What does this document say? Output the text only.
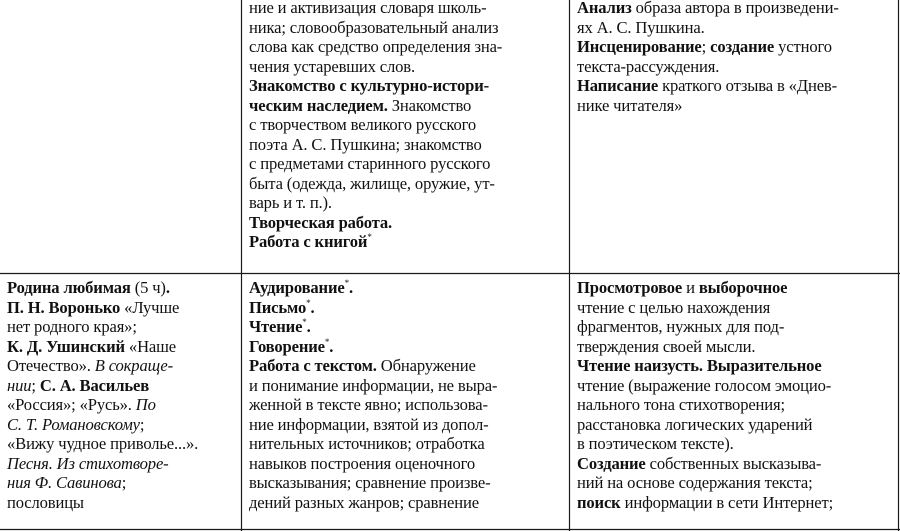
ние и активизация словаря школь-
ника; словообразовательный анализ
слова как средство определения зна-
чения устаревших слов.
Знакомство с культурно-истори-
ческим наследием. Знакомство
с творчеством великого русского
поэта А. С. Пушкина; знакомство
с предметами старинного русского
быта (одежда, жилище, оружие, ут-
варь и т. п.).
Творческая работа.
Работа с книгой*
Анализ образа автора в произведени-
ях А. С. Пушкина.
Инсценирование; создание устного
текста-рассуждения.
Написание краткого отзыва в «Днев-
нике читателя»
Родина любимая (5 ч).
П. Н. Воронько «Лучше
нет родного края»;
К. Д. Ушинский «Наше
Отечество». В сокраще-
нии; С. А. Васильев
«Россия»; «Русь». По
С. Т. Романовскому;
«Вижу чудное приволье...».
Песня. Из стихотворе-
ния Ф. Савинова;
пословицы
Аудирование*.
Письмо*.
Чтение*.
Говорение*.
Работа с текстом. Обнаружение
и понимание информации, не выра-
женной в тексте явно; использова-
ние информации, взятой из допол-
нительных источников; отработка
навыков построения оценочного
высказывания; сравнение произве-
дений разных жанров; сравнение
Просмотровое и выборочное
чтение с целью нахождения
фрагментов, нужных для под-
тверждения своей мысли.
Чтение наизусть. Выразительное
чтение (выражение голосом эмоцио-
нального тона стихотворения;
расстановка логических ударений
в поэтическом тексте).
Создание собственных высказыва-
ний на основе содержания текста;
поиск информации в сети Интернет;
